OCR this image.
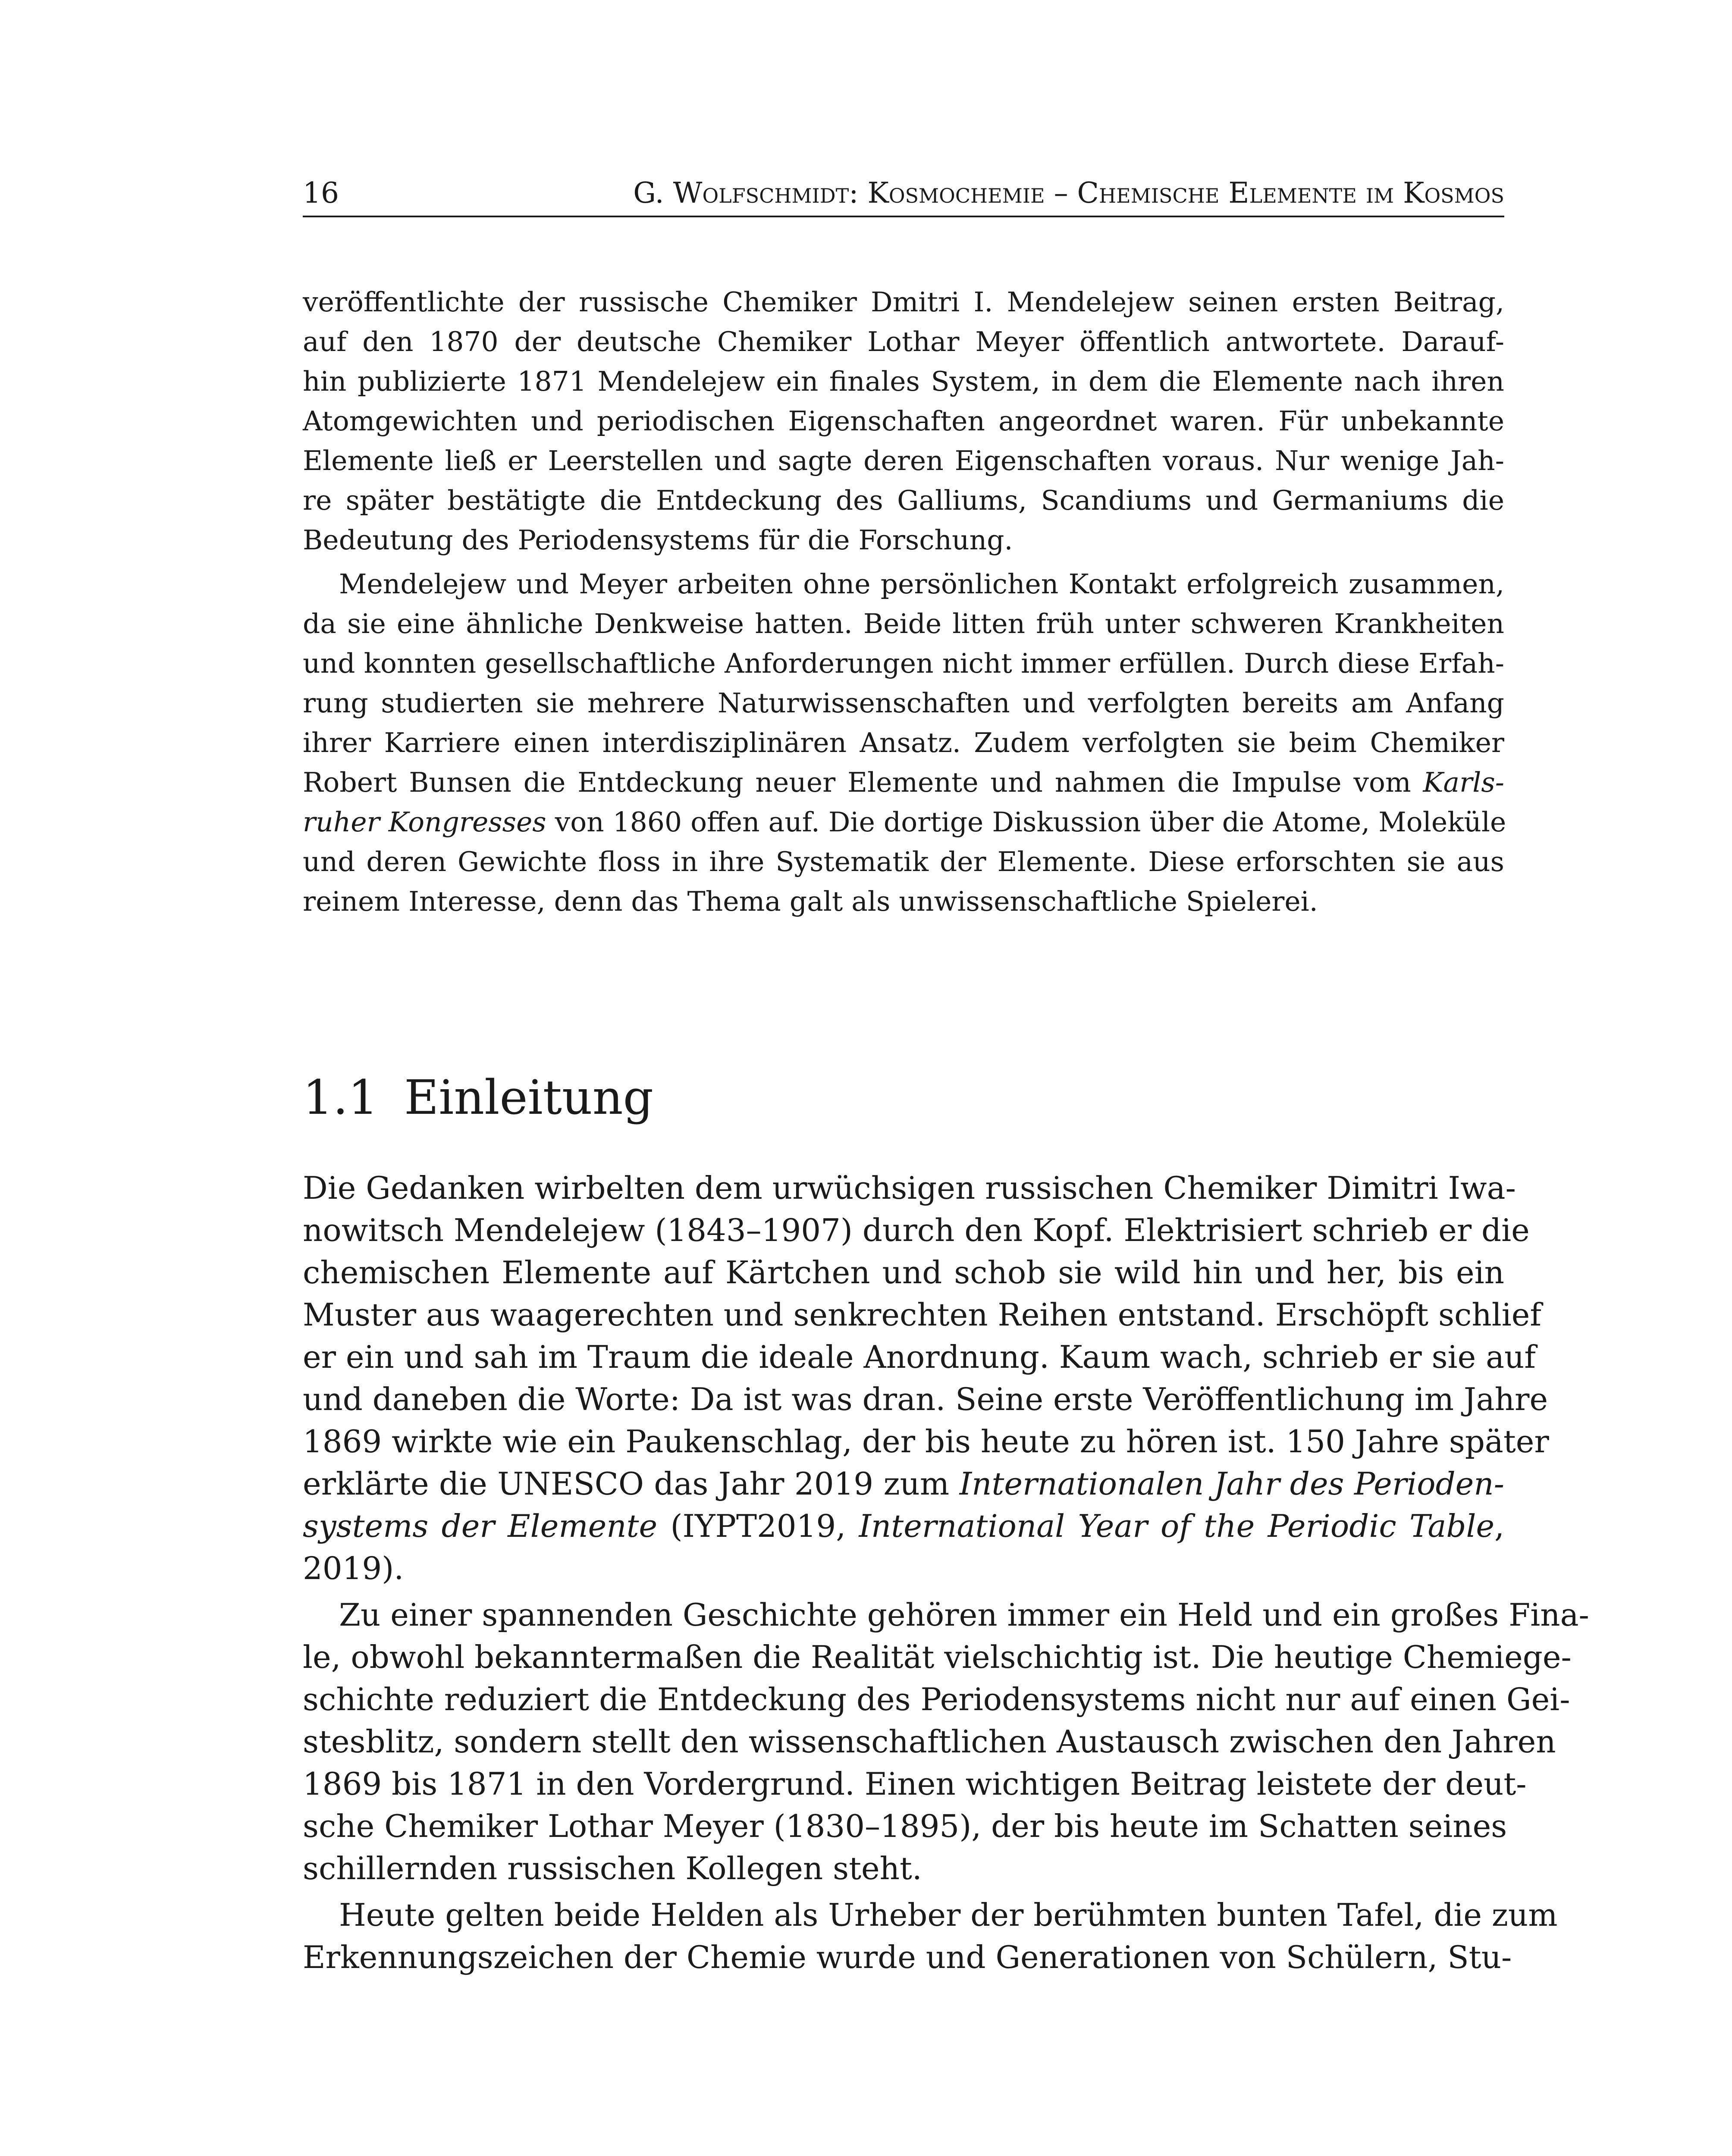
16	G. Wolfschmidt: Kosmochemie – Chemische Elemente im Kosmos

veröffentlichte der russische Chemiker Dmitri I. Mendelejew seinen ersten Beitrag,

auf den 1870 der deutsche Chemiker Lothar Meyer öffentlich antwortete. Darauf-

hin publizierte 1871 Mendelejew ein finales System, in dem die Elemente nach ihren

Atomgewichten und periodischen Eigenschaften angeordnet waren. Für unbekannte

Elemente ließ er Leerstellen und sagte deren Eigenschaften voraus. Nur wenige Jah-

re später bestätigte die Entdeckung des Galliums, Scandiums und Germaniums die

Bedeutung des Periodensystems für die Forschung.

Mendelejew und Meyer arbeiten ohne persönlichen Kontakt erfolgreich zusammen,

da sie eine ähnliche Denkweise hatten. Beide litten früh unter schweren Krankheiten

und konnten gesellschaftliche Anforderungen nicht immer erfüllen. Durch diese Erfah-

rung studierten sie mehrere Naturwissenschaften und verfolgten bereits am Anfang

ihrer Karriere einen interdisziplinären Ansatz. Zudem verfolgten sie beim Chemiker

Robert Bunsen die Entdeckung neuer Elemente und nahmen die Impulse vom Karls-

ruher Kongresses von 1860 offen auf. Die dortige Diskussion über die Atome, Moleküle

und deren Gewichte floss in ihre Systematik der Elemente. Diese erforschten sie aus

reinem Interesse, denn das Thema galt als unwissenschaftliche Spielerei.

1.1 Einleitung

Die Gedanken wirbelten dem urwüchsigen russischen Chemiker Dimitri Iwa-

nowitsch Mendelejew (1843–1907) durch den Kopf. Elektrisiert schrieb er die

chemischen Elemente auf Kärtchen und schob sie wild hin und her, bis ein

Muster aus waagerechten und senkrechten Reihen entstand. Erschöpft schlief

er ein und sah im Traum die ideale Anordnung. Kaum wach, schrieb er sie auf

und daneben die Worte: Da ist was dran. Seine erste Veröffentlichung im Jahre

1869 wirkte wie ein Paukenschlag, der bis heute zu hören ist. 150 Jahre später

erklärte die UNESCO das Jahr 2019 zum Internationalen Jahr des Perioden-

systems der Elemente (IYPT2019, International Year of the Periodic Table,

2019).

Zu einer spannenden Geschichte gehören immer ein Held und ein großes Fina-

le, obwohl bekanntermaßen die Realität vielschichtig ist. Die heutige Chemiege-

schichte reduziert die Entdeckung des Periodensystems nicht nur auf einen Gei-

stesblitz, sondern stellt den wissenschaftlichen Austausch zwischen den Jahren

1869 bis 1871 in den Vordergrund. Einen wichtigen Beitrag leistete der deut-

sche Chemiker Lothar Meyer (1830–1895), der bis heute im Schatten seines

schillernden russischen Kollegen steht.

Heute gelten beide Helden als Urheber der berühmten bunten Tafel, die zum

Erkennungszeichen der Chemie wurde und Generationen von Schülern, Stu-
